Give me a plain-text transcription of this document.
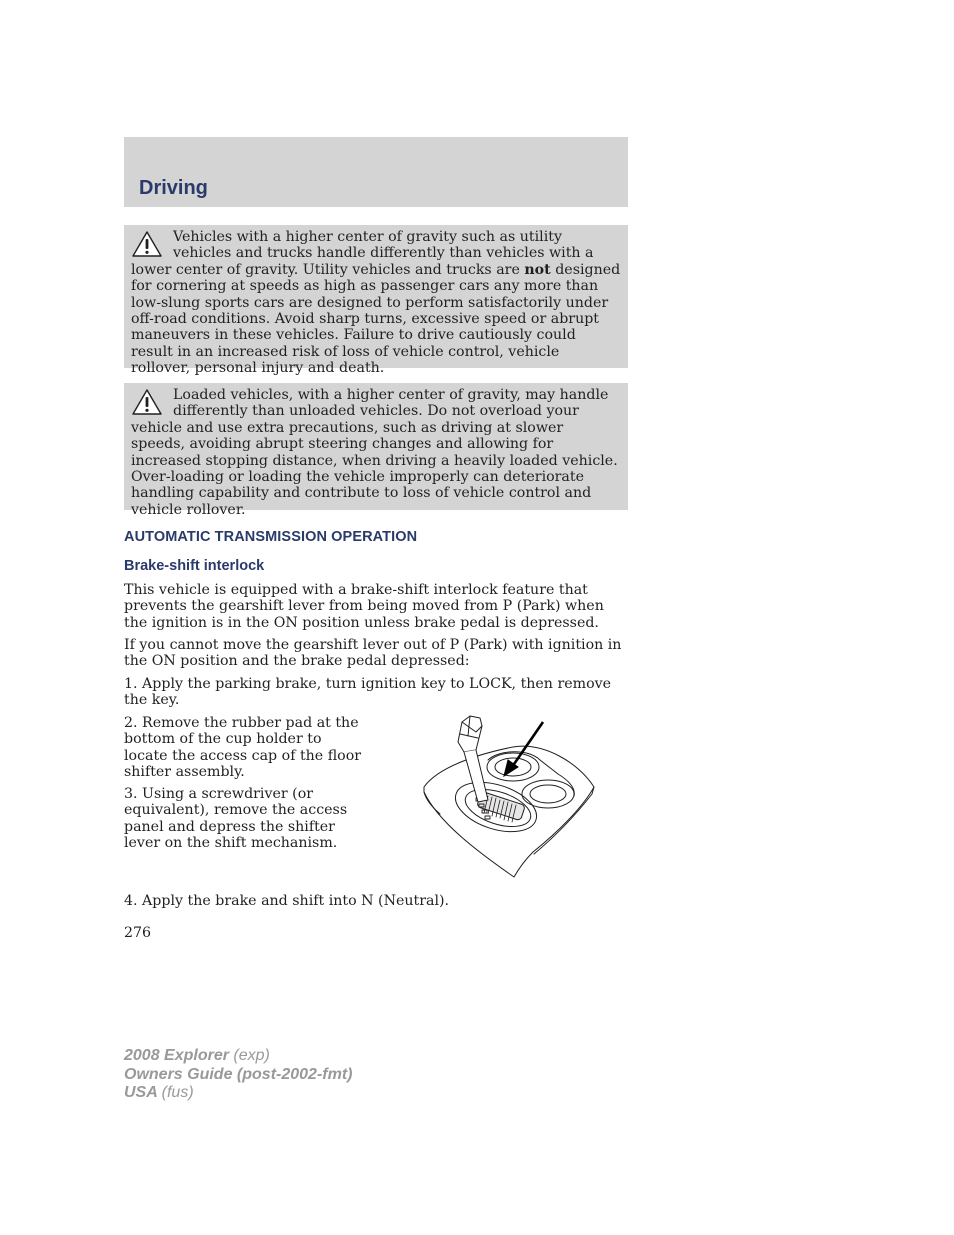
Driving

Vehicles with a higher center of gravity such as utility vehicles and trucks handle differently than vehicles with a lower center of gravity. Utility vehicles and trucks are not designed for cornering at speeds as high as passenger cars any more than low-slung sports cars are designed to perform satisfactorily under off-road conditions. Avoid sharp turns, excessive speed or abrupt maneuvers in these vehicles. Failure to drive cautiously could result in an increased risk of loss of vehicle control, vehicle rollover, personal injury and death.

Loaded vehicles, with a higher center of gravity, may handle differently than unloaded vehicles. Do not overload your vehicle and use extra precautions, such as driving at slower speeds, avoiding abrupt steering changes and allowing for increased stopping distance, when driving a heavily loaded vehicle. Over-loading or loading the vehicle improperly can deteriorate handling capability and contribute to loss of vehicle control and vehicle rollover.

AUTOMATIC TRANSMISSION OPERATION
Brake-shift interlock

This vehicle is equipped with a brake-shift interlock feature that prevents the gearshift lever from being moved from P (Park) when the ignition is in the ON position unless brake pedal is depressed.

If you cannot move the gearshift lever out of P (Park) with ignition in the ON position and the brake pedal depressed:

1. Apply the parking brake, turn ignition key to LOCK, then remove the key.

2. Remove the rubber pad at the bottom of the cup holder to locate the access cap of the floor shifter assembly.

3. Using a screwdriver (or equivalent), remove the access panel and depress the shifter lever on the shift mechanism.

4. Apply the brake and shift into N (Neutral).

276
2008 Explorer (exp)
Owners Guide (post-2002-fmt)
USA (fus)
